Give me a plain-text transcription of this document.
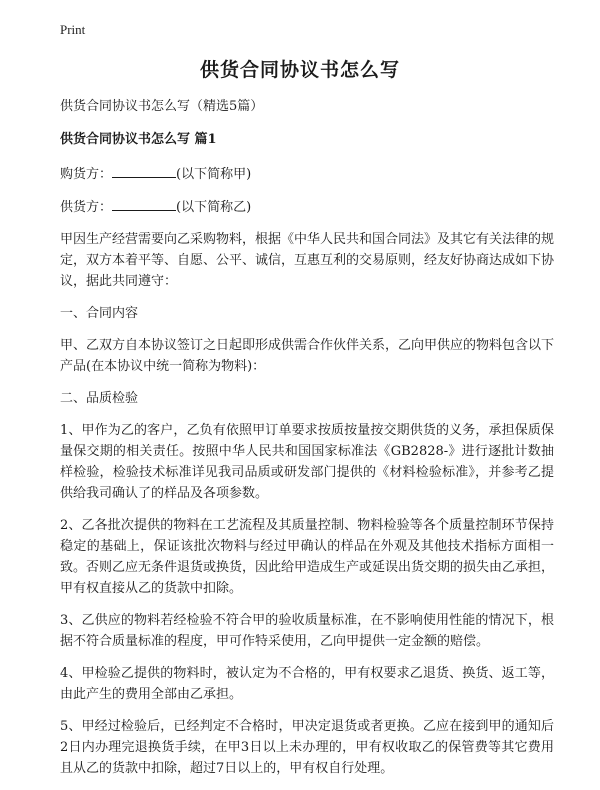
Print
供货合同协议书怎么写

供货合同协议书怎么写（精选5篇）

供货合同协议书怎么写 篇1

购货方：	(以下简称甲)

供货方：	(以下简称乙)

甲因生产经营需要向乙采购物料，根据《中华人民共和国合同法》及其它有关法律的规定，双方本着平等、自愿、公平、诚信，互惠互利的交易原则，经友好协商达成如下协议，据此共同遵守：

一、合同内容

甲、乙双方自本协议签订之日起即形成供需合作伙伴关系，乙向甲供应的物料包含以下产品(在本协议中统一简称为物料)：

二、品质检验

1、甲作为乙的客户，乙负有依照甲订单要求按质按量按交期供货的义务，承担保质保量保交期的相关责任。按照中华人民共和国国家标准法《GB2828-》进行逐批计数抽样检验，检验技术标准详见我司品质或研发部门提供的《材料检验标准》，并参考乙提供给我司确认了的样品及各项参数。

2、乙各批次提供的物料在工艺流程及其质量控制、物料检验等各个质量控制环节保持稳定的基础上，保证该批次物料与经过甲确认的样品在外观及其他技术指标方面相一致。否则乙应无条件退货或换货，因此给甲造成生产或延误出货交期的损失由乙承担，甲有权直接从乙的货款中扣除。

3、乙供应的物料若经检验不符合甲的验收质量标准，在不影响使用性能的情况下，根据不符合质量标准的程度，甲可作特采使用，乙向甲提供一定金额的赔偿。

4、甲检验乙提供的物料时，被认定为不合格的，甲有权要求乙退货、换货、返工等，由此产生的费用全部由乙承担。

5、甲经过检验后，已经判定不合格时，甲决定退货或者更换。乙应在接到甲的通知后2日内办理完退换货手续，在甲3日以上未办理的，甲有权收取乙的保管费等其它费用且从乙的货款中扣除，超过7日以上的，甲有权自行处理。
